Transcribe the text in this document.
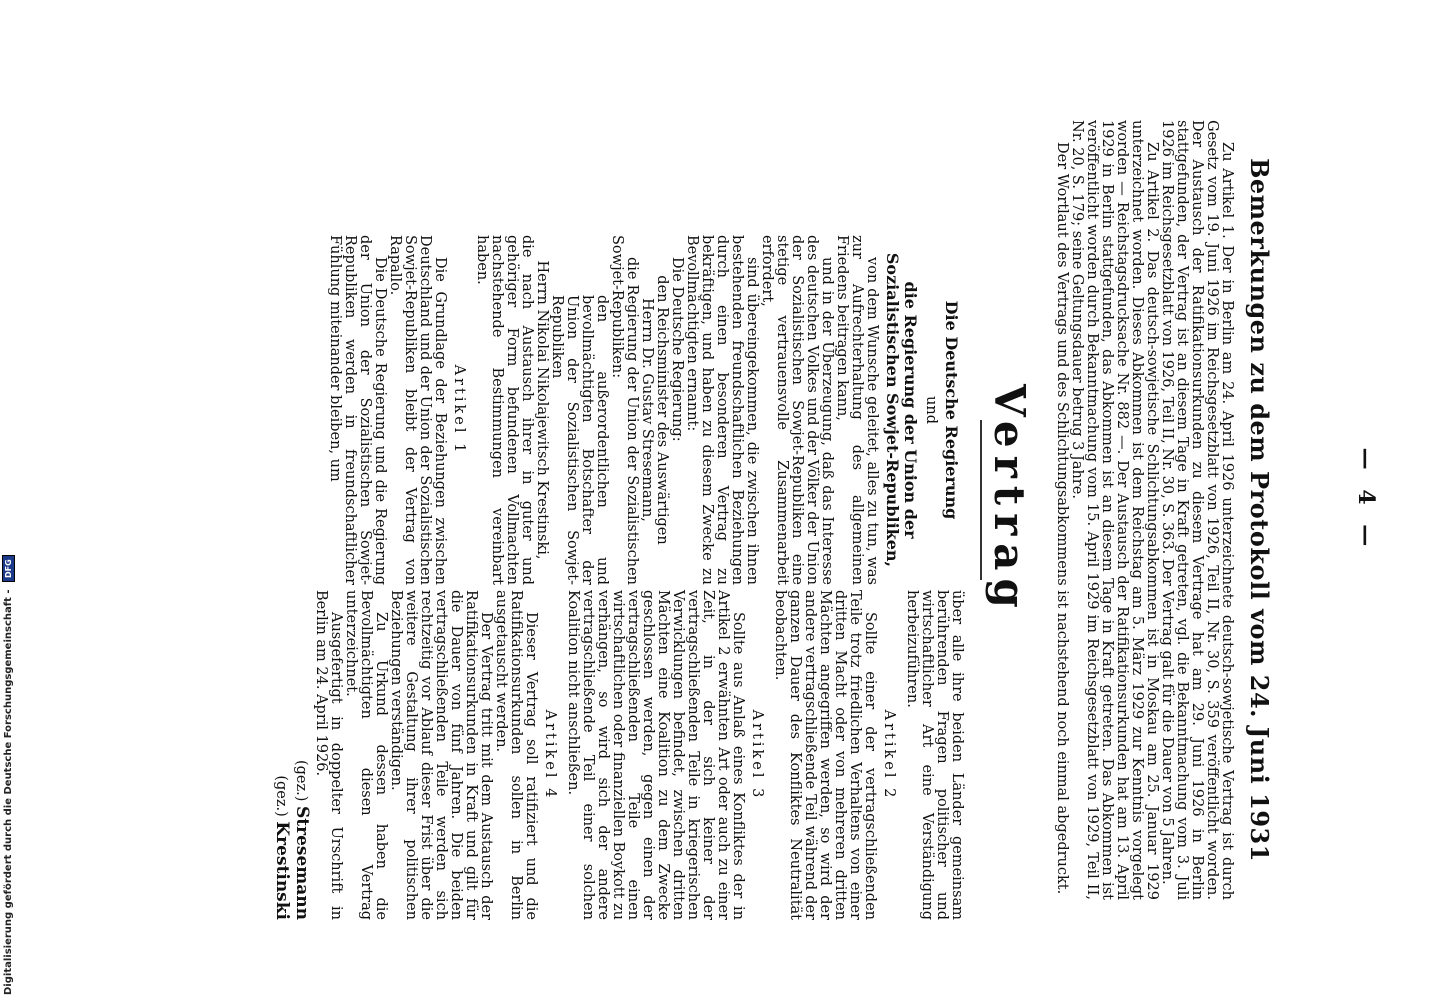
— 4 —
Bemerkungen zu dem Protokoll vom 24. Juni 1931

Zu Artikel 1. Der in Berlin am 24. April 1926 unterzeichnete deutsch-sowjetische Vertrag ist durch Gesetz vom 19. Juni 1926 im Reichsgesetzblatt von 1926, Teil II, Nr. 30, S. 359 veröffentlicht worden. Der Austausch der Ratifikationsurkunden zu diesem Vertrage hat am 29. Juni 1926 in Berlin stattgefunden, der Vertrag ist an diesem Tage in Kraft getreten, vgl. die Bekanntmachung vom 3. Juli 1926 im Reichsgesetzblatt von 1926, Teil II, Nr. 30, S. 363. Der Vertrag galt für die Dauer von 5 Jahren.

Zu Artikel 2. Das deutsch-sowjetische Schlichtungsabkommen ist in Moskau am 25. Januar 1929 unterzeichnet worden. Dieses Abkommen ist dem Reichstag am 5. März 1929 zur Kenntnis vorgelegt worden — Reichstagsdrucksache Nr. 882 —. Der Austausch der Ratifikationsurkunden hat am 13. April 1929 in Berlin stattgefunden, das Abkommen ist an diesem Tage in Kraft getreten. Das Abkommen ist veröffentlicht worden durch Bekanntmachung vom 15. April 1929 im Reichsgesetzblatt von 1929, Teil II, Nr. 20, S. 179; seine Geltungsdauer betrug 3 Jahre.

Der Wortlaut des Vertrags und des Schlichtungsabkommens ist nachstehend noch einmal abgedruckt.

Vertrag
Die Deutsche Regierung
und
die Regierung der Union der Sozialistischen Sowjet-Republiken,

von dem Wunsche geleitet, alles zu tun, was zur Aufrechterhaltung des allgemeinen Friedens beitragen kann,

und in der Überzeugung, daß das Interesse des deutschen Volkes und der Völker der Union der Sozialistischen Sowjet-Republiken eine stetige vertrauensvolle Zusammenarbeit erfordert,

sind übereingekommen, die zwischen ihnen bestehenden freundschaftlichen Beziehungen durch einen besonderen Vertrag zu bekräftigen, und haben zu diesem Zwecke zu Bevollmächtigten ernannt:

Die Deutsche Regierung:

den Reichsminister des Auswärtigen

Herrn Dr. Gustav Stresemann,

die Regierung der Union der Sozialistischen Sowjet-Republiken:

den außerordentlichen und bevollmächtigten Botschafter der Union der Sozialistischen Sowjet-Republiken

Herrn Nikolai Nikolajewitsch Krestinski,

die nach Austausch ihrer in guter und gehöriger Form befundenen Vollmachten nachstehende Bestimmungen vereinbart haben.

Artikel 1

Die Grundlage der Beziehungen zwischen Deutschland und der Union der Sozialistischen Sowjet-Republiken bleibt der Vertrag von Rapallo.

Die Deutsche Regierung und die Regierung der Union der Sozialistischen Sowjet-Republiken werden in freundschaftlicher Fühlung miteinander bleiben, um

über alle ihre beiden Länder gemeinsam berührenden Fragen politischer und wirtschaftlicher Art eine Verständigung herbeizuführen.

Artikel 2

Sollte einer der vertragschließenden Teile trotz friedlichen Verhaltens von einer dritten Macht oder von mehreren dritten Mächten angegriffen werden, so wird der andere vertragschließende Teil während der ganzen Dauer des Konfliktes Neutralität beobachten.

Artikel 3

Sollte aus Anlaß eines Konfliktes der in Artikel 2 erwähnten Art oder auch zu einer Zeit, in der sich keiner der vertragschließenden Teile in kriegerischen Verwicklungen befindet, zwischen dritten Mächten eine Koalition zu dem Zwecke geschlossen werden, gegen einen der vertragschließenden Teile einen wirtschaftlichen oder finanziellen Boykott zu verhängen, so wird sich der andere vertragschließende Teil einer solchen Koalition nicht anschließen.

Artikel 4

Dieser Vertrag soll ratifiziert und die Ratifikationsurkunden sollen in Berlin ausgetauscht werden.

Der Vertrag tritt mit dem Austausch der Ratifikationsurkunden in Kraft und gilt für die Dauer von fünf Jahren. Die beiden vertragschließenden Teile werden sich rechtzeitig vor Ablauf dieser Frist über die weitere Gestaltung ihrer politischen Beziehungen verständigen.

Zu Urkund dessen haben die Bevollmächtigten diesen Vertrag unterzeichnet.

Ausgefertigt in doppelter Urschrift in Berlin am 24. April 1926.

(gez.) Stresemann
(gez.) Krestinski
Digitalisierung gefördert durch die Deutsche Forschungsgemeinschaft - DFG
